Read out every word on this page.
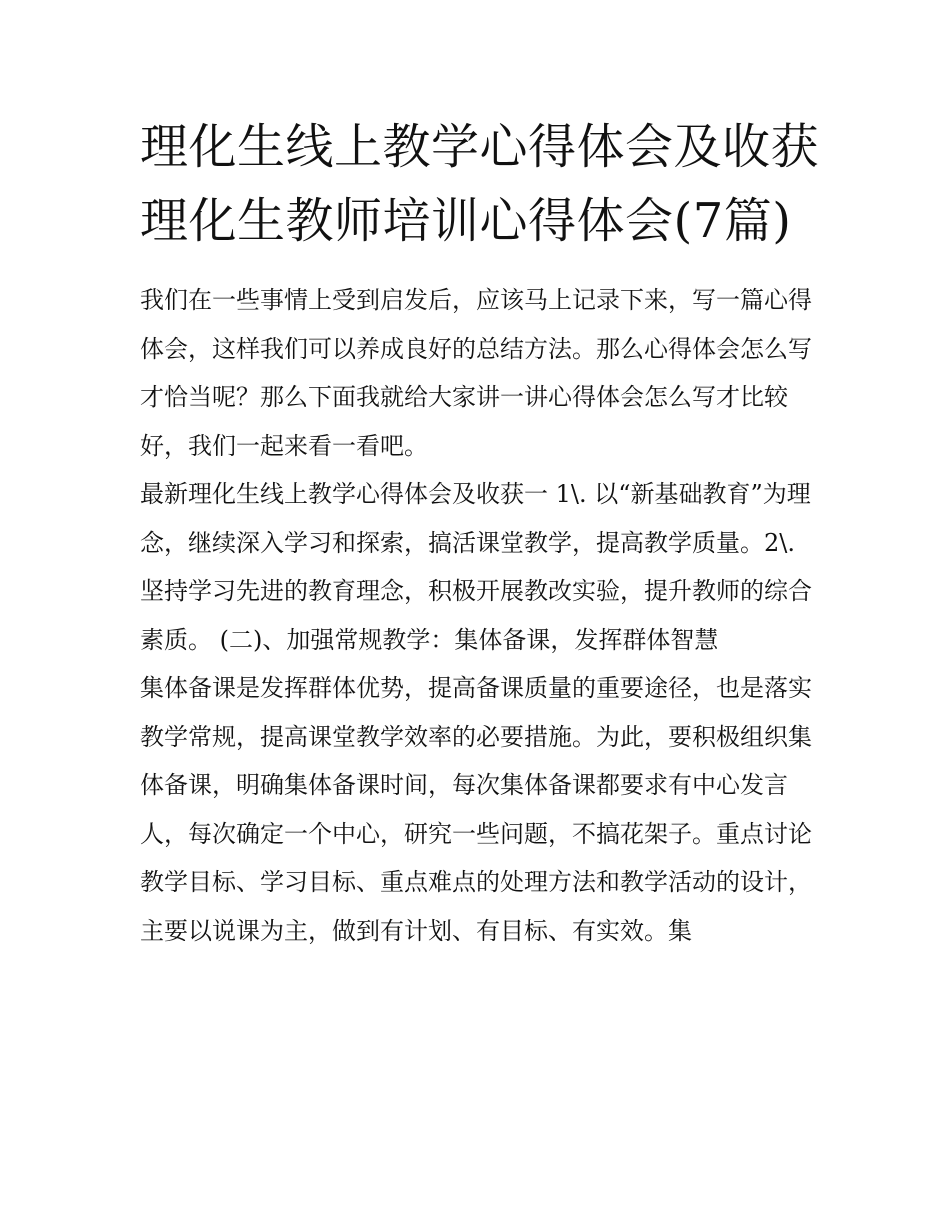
理化生线上教学心得体会及收获 理化生教师培训心得体会(7篇)

我们在一些事情上受到启发后，应该马上记录下来，写一篇心得体会，这样我们可以养成良好的总结方法。那么心得体会怎么写才恰当呢？那么下面我就给大家讲一讲心得体会怎么写才比较好，我们一起来看一看吧。

最新理化生线上教学心得体会及收获一 1\. 以“新基础教育”为理念，继续深入学习和探索，搞活课堂教学，提高教学质量。2\.

坚持学习先进的教育理念，积极开展教改实验，提升教师的综合素质。 (二)、加强常规教学：集体备课，发挥群体智慧

集体备课是发挥群体优势，提高备课质量的重要途径，也是落实教学常规，提高课堂教学效率的必要措施。为此，要积极组织集体备课，明确集体备课时间，每次集体备课都要求有中心发言人，每次确定一个中心，研究一些问题，不搞花架子。重点讨论教学目标、学习目标、重点难点的处理方法和教学活动的设计，主要以说课为主，做到有计划、有目标、有实效。集
